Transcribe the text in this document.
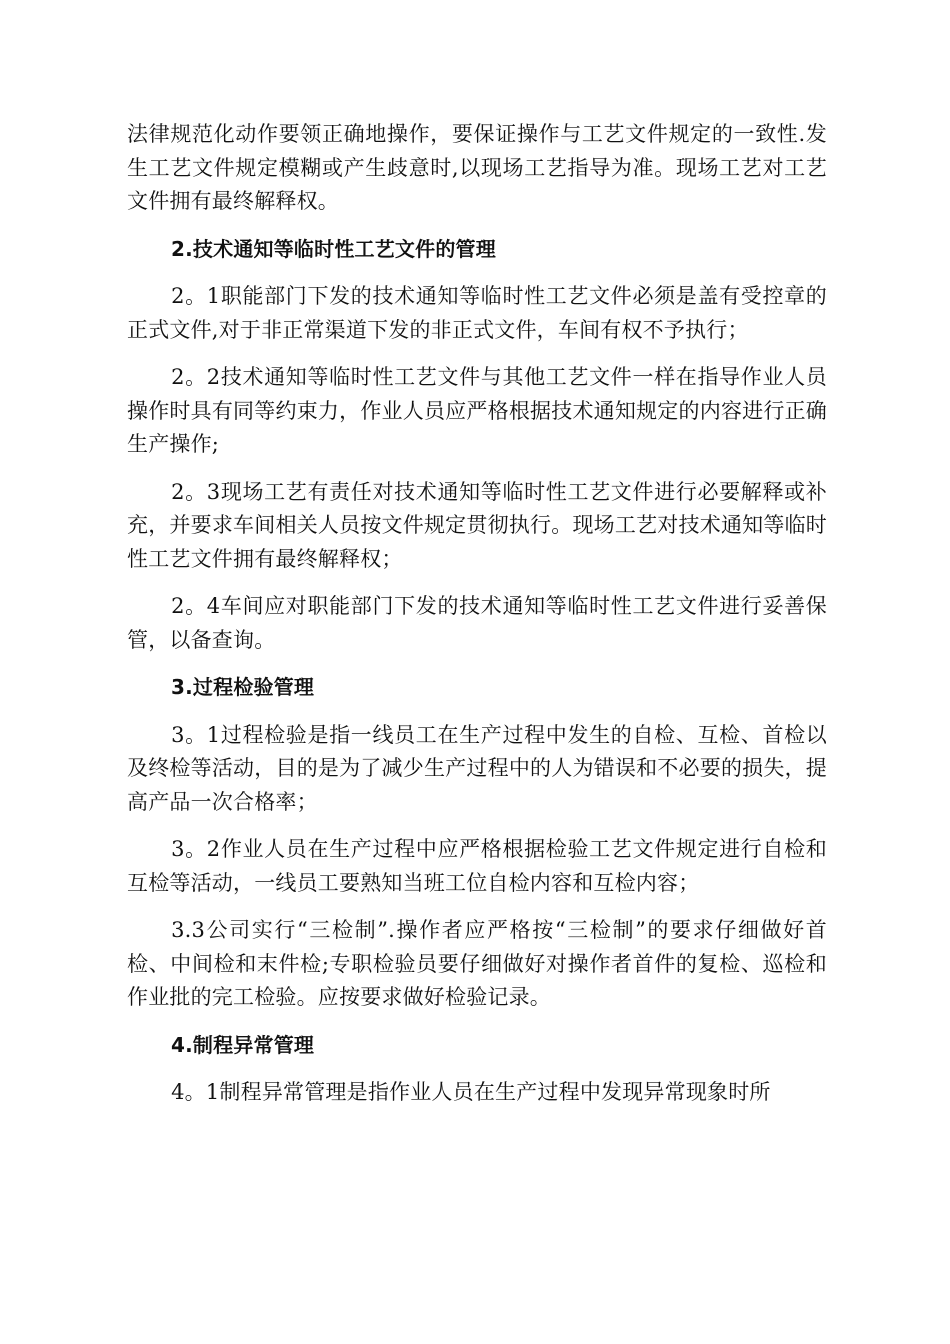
法律规范化动作要领正确地操作，要保证操作与工艺文件规定的一致性.发生工艺文件规定模糊或产生歧意时,以现场工艺指导为准。现场工艺对工艺文件拥有最终解释权。

2.技术通知等临时性工艺文件的管理

2。1职能部门下发的技术通知等临时性工艺文件必须是盖有受控章的正式文件,对于非正常渠道下发的非正式文件，车间有权不予执行；

2。2技术通知等临时性工艺文件与其他工艺文件一样在指导作业人员操作时具有同等约束力，作业人员应严格根据技术通知规定的内容进行正确生产操作;

2。3现场工艺有责任对技术通知等临时性工艺文件进行必要解释或补充，并要求车间相关人员按文件规定贯彻执行。现场工艺对技术通知等临时性工艺文件拥有最终解释权；

2。4车间应对职能部门下发的技术通知等临时性工艺文件进行妥善保管，以备查询。

3.过程检验管理

3。1过程检验是指一线员工在生产过程中发生的自检、互检、首检以及终检等活动，目的是为了减少生产过程中的人为错误和不必要的损失，提高产品一次合格率；

3。2作业人员在生产过程中应严格根据检验工艺文件规定进行自检和互检等活动，一线员工要熟知当班工位自检内容和互检内容；

3.3公司实行“三检制”.操作者应严格按“三检制”的要求仔细做好首检、中间检和末件检;专职检验员要仔细做好对操作者首件的复检、巡检和作业批的完工检验。应按要求做好检验记录。

4.制程异常管理

4。1制程异常管理是指作业人员在生产过程中发现异常现象时所
